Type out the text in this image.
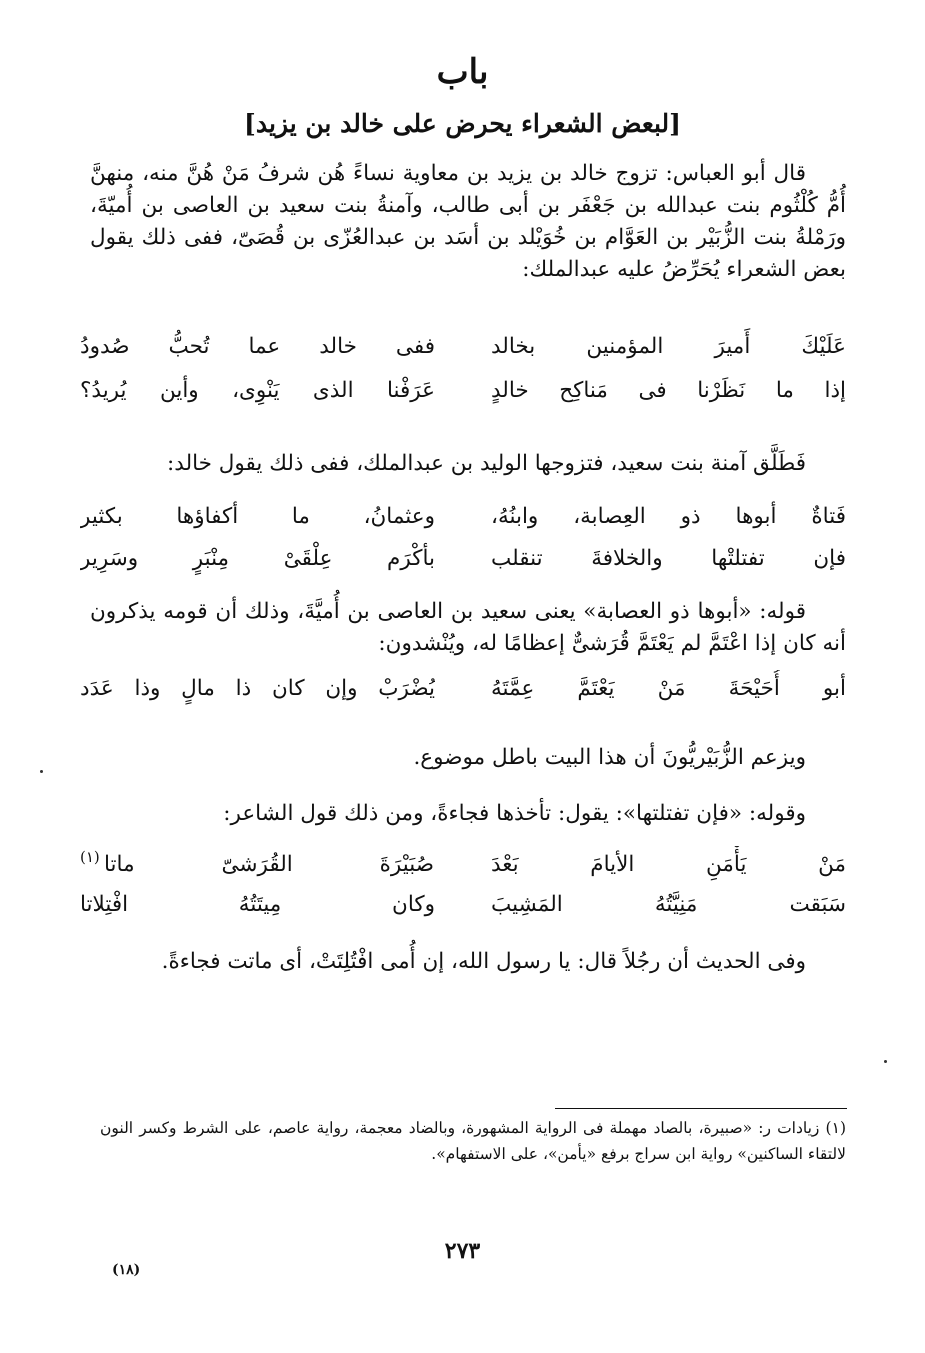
باب
[لبعض الشعراء يحرض على خالد بن يزيد]

قال أبو العباس: تزوج خالد بن يزيد بن معاوية نساءً هُن شرفُ مَنْ هُنَّ منه، منهنَّ أُمُّ كُلْثُوم بنت عبدالله بن جَعْفَر بن أبى طالب، وآمنةُ بنت سعيد بن العاصى بن أُميّةَ، ورَمْلةُ بنت الزُّبَيْر بن العَوَّام بن خُوَيْلد بن أسَد بن عبدالعُزّى بن قُصَىّ، ففى ذلك يقول بعض الشعراء يُحَرِّضُ عليه عبدالملك:

عَلَيْكَ أَميرَ المؤمنين بخالد
ففى خالد عما تُحبُّ صُدودُ
إذا ما نَظَرْنا فى مَناكِح خالدٍ
عَرَفْنا الذى يَنْوِى، وأين يُريدُ؟

فَطَلَّق آمنة بنت سعيد، فتزوجها الوليد بن عبدالملك، ففى ذلك يقول خالد:

فَتاةٌ أبوها ذو العِصابة، وابنُهُ،
وعثمانُ، ما أكفاؤها بكثير
فإن تفتلتْها والخلافةَ تنقلب
بأكْرَم عِلْقَىْ مِنْبَرٍ وسَرِير

قوله: «أبوها ذو العصابة» يعنى سعيد بن العاصى بن أُميَّةَ، وذلك أن قومه يذكرون أنه كان إذا اعْتَمَّ لم يَعْتَمَّ قُرَشىٌّ إعظامًا له، ويُنْشدون:

أبو أُحَيْحَةَ مَنْ يَعْتَمَّ عِمَّتَهُ
يُضْرَبْ وإن كان ذا مالٍ وذا عَدَد

ويزعم الزُّبَيْريُّونَ أن هذا البيت باطل موضوع.

وقوله: «فإن تفتلتها»: يقول: تأخذها فجاءةً، ومن ذلك قول الشاعر:

مَنْ يَأْمَنِ الأيامَ بَعْدَ
صُبَيْرَةَ القُرَشىّ ماتا
(١)
سَبَقت مَنِيَّتُهُ المَشِيبَ
وكان مِيتَتُهُ افْتِلاتا

وفى الحديث أن رجُلاً قال: يا رسول الله، إن أُمى افْتُلِتَتْ، أى ماتت فجاءةً.

(١) زيادات ر: «صبيرة، بالصاد مهملة فى الرواية المشهورة، وبالضاد معجمة، رواية عاصم، على الشرط وكسر النون لالتقاء الساكنين» رواية ابن سراج برفع «يأمن»، على الاستفهام».

٢٧٣
(١٨)
